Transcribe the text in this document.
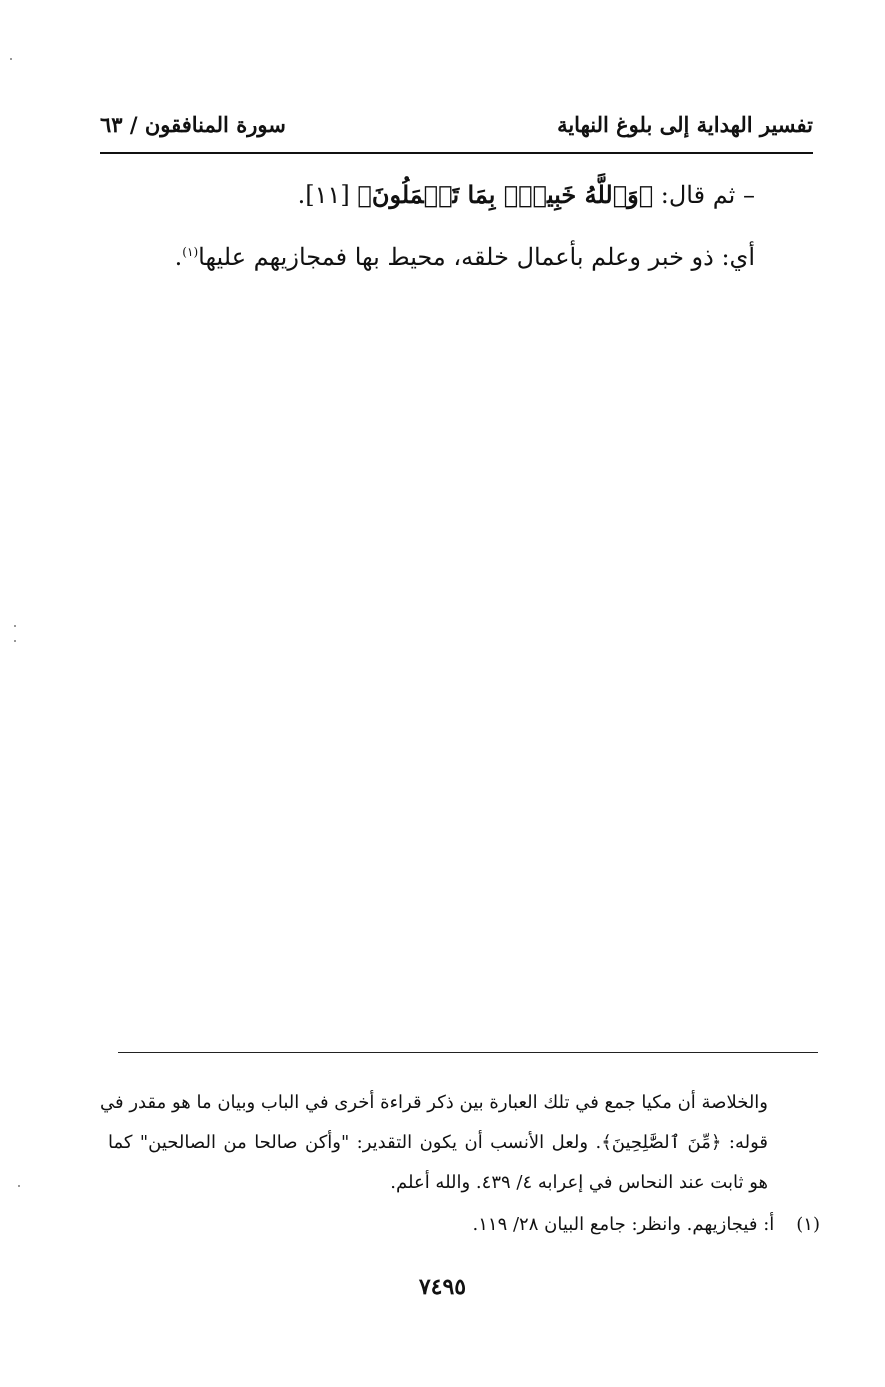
تفسير الهداية إلى بلوغ النهاية
سورة المنافقون / ٦٣
– ثم قال: ﴿وَٱللَّهُ خَبِيرُۢ بِمَا تَعۡمَلُونَ﴾ [١١].
أي: ذو خبر وعلم بأعمال خلقه، محيط بها فمجازيهم عليها$^{(١)}$.
والخلاصة أن مكيا جمع في تلك العبارة بين ذكر قراءة أخرى في الباب وبيان ما هو مقدر في
قوله: ﴿مِّنَ ٱلصَّٰلِحِينَ﴾. ولعل الأنسب أن يكون التقدير: "وأكن صالحا من الصالحين" كما
هو ثابت عند النحاس في إعرابه ٤/ ٤٣٩. والله أعلم.
(١)أ: فيجازيهم. وانظر: جامع البيان ٢٨/ ١١٩.
٧٤٩٥
